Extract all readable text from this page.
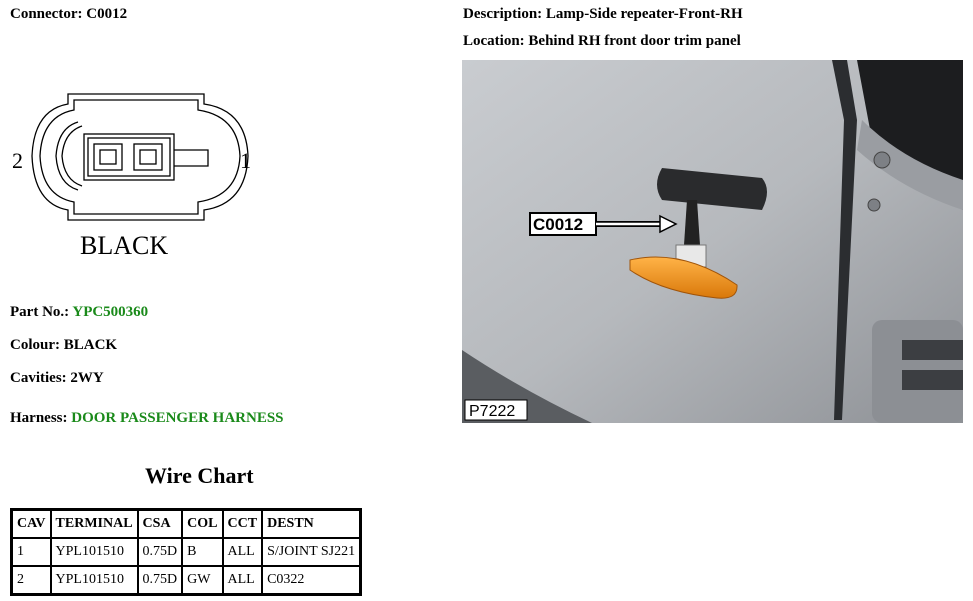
Connector: C0012	Description: Lamp-Side repeater-Front-RH
Location: Behind RH front door trim panel
2	1
BLACK
Part No.: YPC500360
Colour: BLACK
Cavities: 2WY
Harness: DOOR PASSENGER HARNESS
C0012
P7222
Wire Chart
CAV	TERMINAL	CSA	COL	CCT	DESTN
1	YPL101510	0.75D	B	ALL	S/JOINT SJ221
2	YPL101510	0.75D	GW	ALL	C0322
